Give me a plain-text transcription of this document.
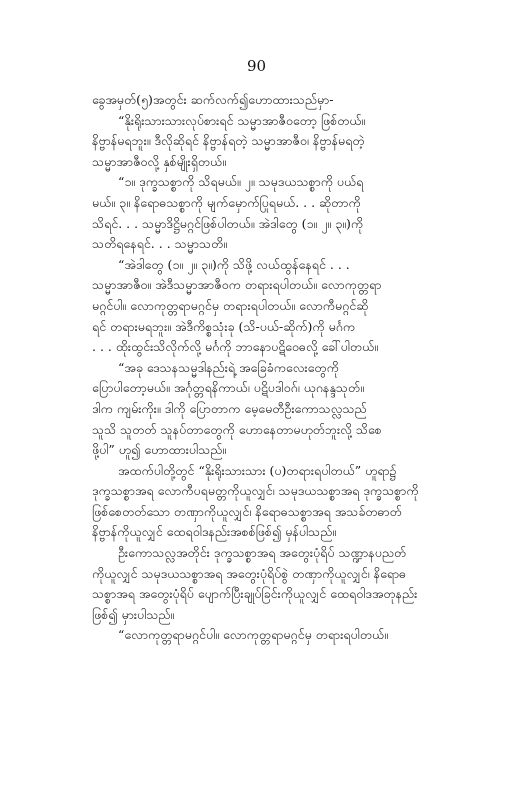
90
ခွေအမှတ်(၅)အတွင်း ဆက်လက်၍ဟောထားသည်မှာ-
“နိုးရိုးသားသားလုပ်စားရင် သမ္မာအာဇီဝတော့ ဖြစ်တယ်။
နိဗ္ဗာန်မရဘူး။ ဒီလိုဆိုရင် နိဗ္ဗာန်ရတဲ့ သမ္မာအာဇီဝ၊ နိဗ္ဗာန်မရတဲ့
သမ္မာအာဇီဝလို့ နှစ်မျိုးရှိတယ်။
“၁။ ဒုက္ခသစ္စာကို သိရမယ်။ ၂။ သမုဒယသစ္စာကို ပယ်ရ
မယ်။ ၃။ နိရောဓသစ္စာကို မျက်မှောက်ပြုရမယ်. . . ဆိုတာကို
သိရင်. . . သမ္မာဒိဋ္ဌိမဂ္ဂင်ဖြစ်ပါတယ်။ အဲဒါတွေ (၁။ ၂။ ၃။)ကို
သတိရနေရင်. . . သမ္မာသတိ။
“အဲဒါတွေ (၁။ ၂။ ၃။)ကို သိဖို့ လယ်ထွန်နေရင် . . .
သမ္မာအာဇီဝ။ အဲဒီသမ္မာအာဇီဝက တရားရပါတယ်။ လောကုတ္တရာ
မဂ္ဂင်ပါ။ လောကုတ္တရာမဂ္ဂင်မှ တရားရပါတယ်။ လောကီမဂ္ဂင်ဆို
ရင် တရားမရဘူး။ အဲဒီကိစ္စသုံးခု (သိ-ပယ်-ဆိုက်)ကို မင်္ဂက
. . . ထိုးထွင်းသိလိုက်လို့ မင်္ဂကို ဘာနောပဋိဝေဓလို့ ခေါ်ပါတယ်။
“အခု ဒေသနသမ္မဒါနည်းရဲ့ အခြေခံကလေးတွေကို
ပြောပါတော့မယ်။ အင်္ဂုတ္တရနိကာယ်၊ ပဋိပဒါဝဂ်၊ ယုဂနန္ဒသုတ်။
ဒါက ကျမ်းကိုး။ ဒါကို ပြောတာက မေ့မေတီဦးကောသလ္လသည်
သူသိ သူတတ် သူနပ်တာတွေကို ဟောနေတာမဟုတ်ဘူးလို့ သိစေ
ဖို့ပါ” ဟူ၍ ဟောထားပါသည်။
အထက်ပါတို့တွင် “နိုးရိုးသားသား (ပ)တရားရပါတယ်” ဟူရာ၌
ဒုက္ခသစ္စာအရ လောကီပရမတ္တကိုယူလျှင်၊ သမုဒယသစ္စာအရ ဒုက္ခသစ္စာကို
ဖြစ်စေတတ်သော တဏှာကိုယူလျှင်၊ နိရောဓသစ္စာအရ အသခ်တဓာတ်
နိဗ္ဗာန်ကိုယူလျှင် ထေရဝါဒနည်းအစစ်ဖြစ်၍ မှန်ပါသည်။
ဦးကောသလ္လအတိုင်း ဒုက္ခသစ္စာအရ အတွေးပုံရိပ် သဏ္ဍာနပညတ်
ကိုယူလျှင် သမုဒယသစ္စာအရ အတွေးပုံရိပ်စွဲ တဏှာကိုယူလျှင်၊ နိရောဓ
သစ္စာအရ အတွေးပုံရိပ် ပျောက်ပြီးချုပ်ခြင်းကိုယူလျှင် ထေရဝါဒအတုနည်း
ဖြစ်၍ မှားပါသည်။
“လောကုတ္တရာမဂ္ဂင်ပါ။ လောကုတ္တရာမဂ္ဂင်မှ တရားရပါတယ်။
